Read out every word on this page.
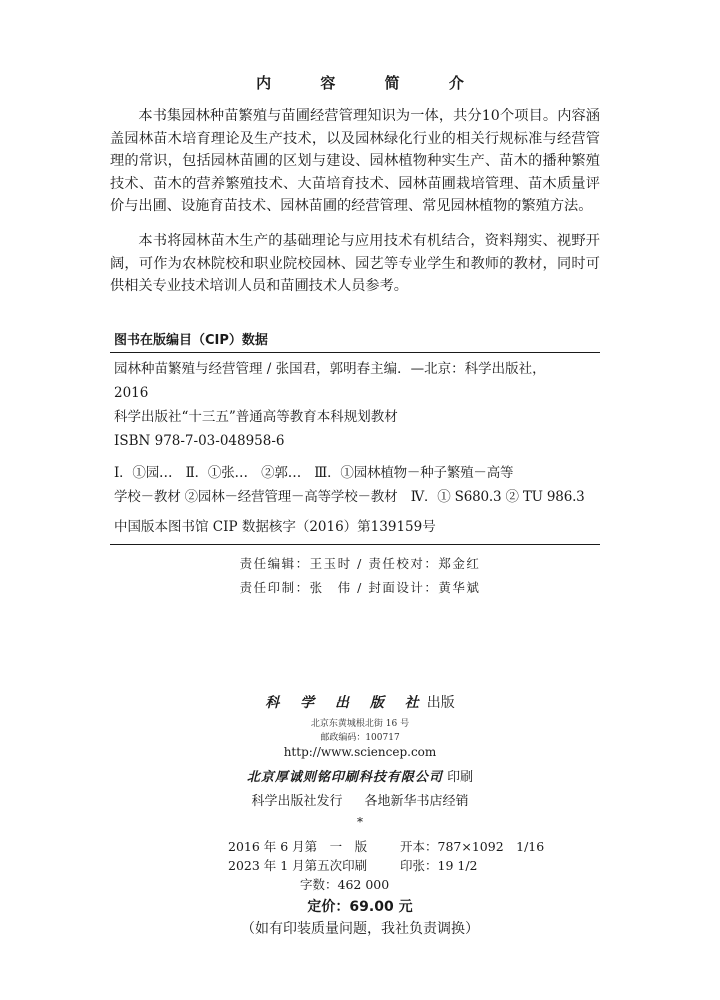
内 容 简 介

本书集园林种苗繁殖与苗圃经营管理知识为一体，共分10个项目。内容涵盖园林苗木培育理论及生产技术，以及园林绿化行业的相关行规标准与经营管理的常识，包括园林苗圃的区划与建设、园林植物种实生产、苗木的播种繁殖技术、苗木的营养繁殖技术、大苗培育技术、园林苗圃栽培管理、苗木质量评价与出圃、设施育苗技术、园林苗圃的经营管理、常见园林植物的繁殖方法。

本书将园林苗木生产的基础理论与应用技术有机结合，资料翔实、视野开阔，可作为农林院校和职业院校园林、园艺等专业学生和教师的教材，同时可供相关专业技术培训人员和苗圃技术人员参考。

图书在版编目（CIP）数据
园林种苗繁殖与经营管理 / 张国君，郭明春主编．—北京：科学出版社，
2016
科学出版社“十三五”普通高等教育本科规划教材
ISBN 978-7-03-048958-6
Ⅰ．①园…　Ⅱ．①张…　②郭…　Ⅲ．①园林植物－种子繁殖－高等
学校－教材 ②园林－经营管理－高等学校－教材　Ⅳ．① S680.3 ② TU 986.3
中国版本图书馆 CIP 数据核字（2016）第139159号
责任编辑：王玉时 / 责任校对：郑金红
责任印制：张　伟 / 封面设计：黄华斌
科 学 出 版 社出版
北京东黄城根北街 16 号
邮政编码：100717
http://www.sciencep.com
北京厚诚则铭印刷科技有限公司 印刷
科学出版社发行 各地新华书店经销
*
2016 年 6 月第　一　版	开本：787×1092　1/16
2023 年 1 月第五次印刷	印张：19 1/2
字数：462 000
定价：69.00 元
（如有印装质量问题，我社负责调换）
